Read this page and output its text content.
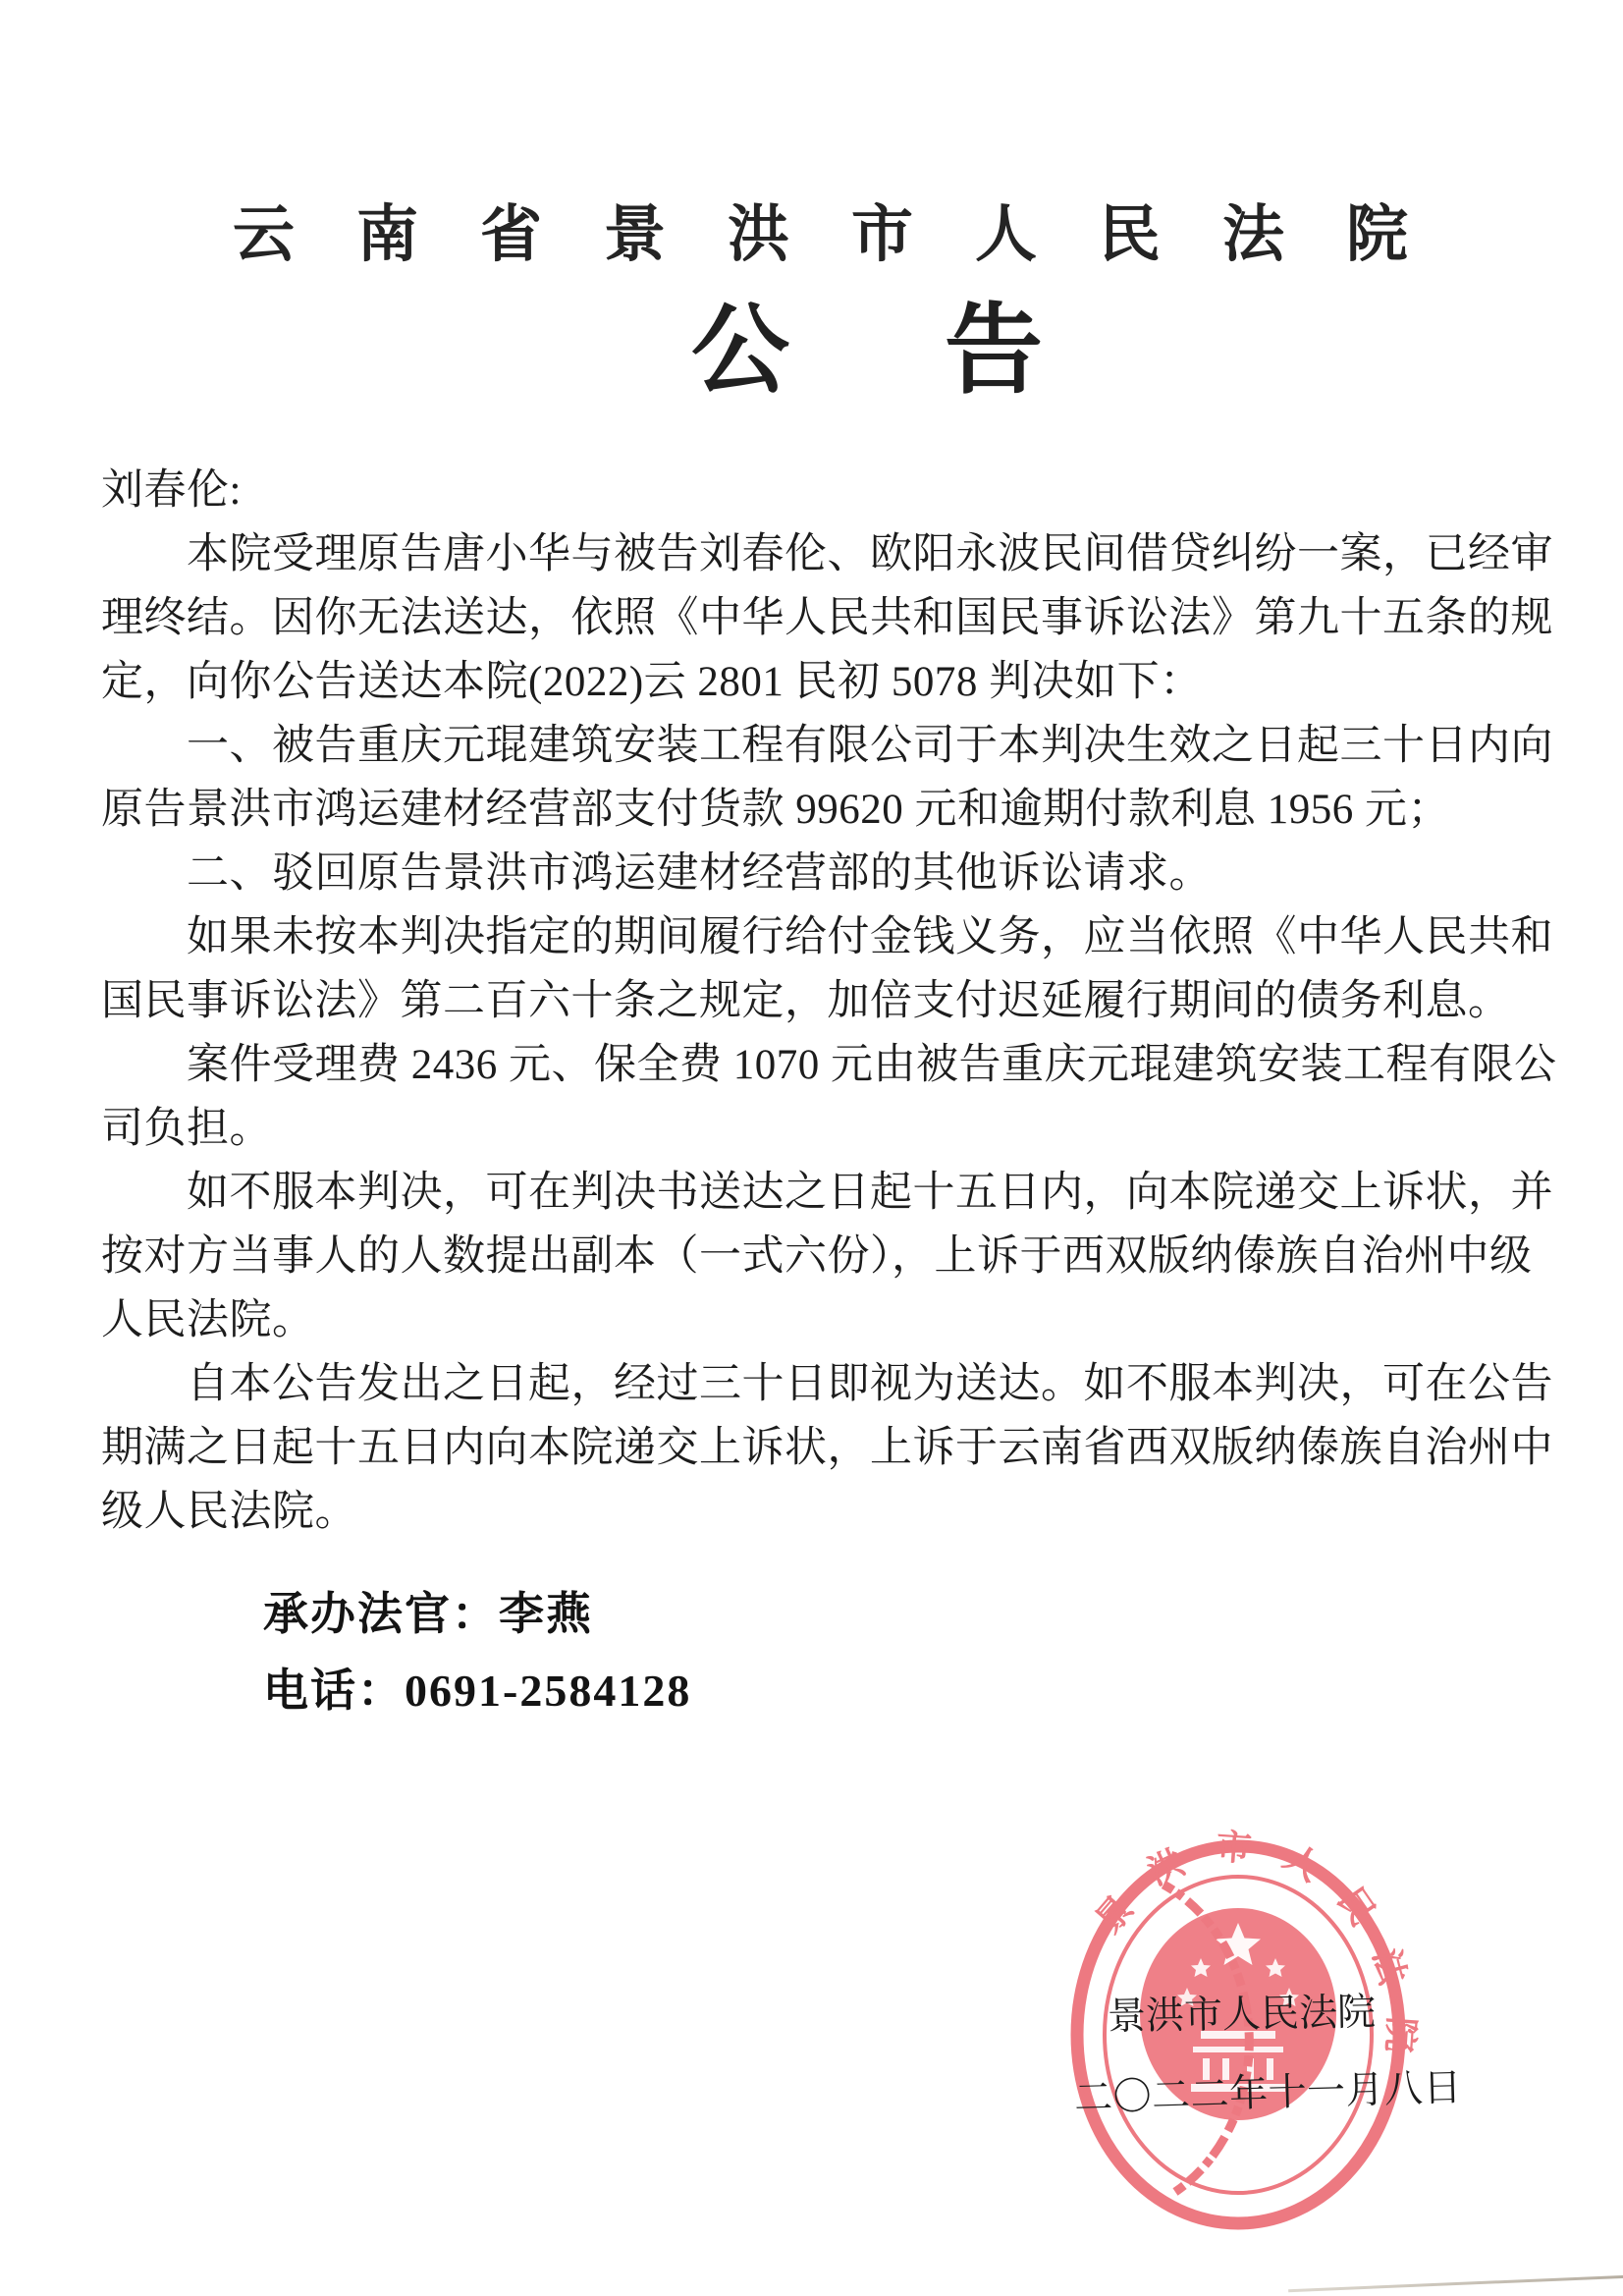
云南省景洪市人民法院
公告
刘春伦:
　　本院受理原告唐小华与被告刘春伦、欧阳永波民间借贷纠纷一案，已经审
理终结。因你无法送达，依照《中华人民共和国民事诉讼法》第九十五条的规
定，向你公告送达本院(2022)云 2801 民初 5078 判决如下：
　　一、被告重庆元琨建筑安装工程有限公司于本判决生效之日起三十日内向
原告景洪市鸿运建材经营部支付货款 99620 元和逾期付款利息 1956 元；
　　二、驳回原告景洪市鸿运建材经营部的其他诉讼请求。
　　如果未按本判决指定的期间履行给付金钱义务，应当依照《中华人民共和
国民事诉讼法》第二百六十条之规定，加倍支付迟延履行期间的债务利息。
　　案件受理费 2436 元、保全费 1070 元由被告重庆元琨建筑安装工程有限公
司负担。
　　如不服本判决，可在判决书送达之日起十五日内，向本院递交上诉状，并
按对方当事人的人数提出副本（一式六份），上诉于西双版纳傣族自治州中级
人民法院。
　　自本公告发出之日起，经过三十日即视为送达。如不服本判决，可在公告
期满之日起十五日内向本院递交上诉状，上诉于云南省西双版纳傣族自治州中
级人民法院。
承办法官：李燕
电话：0691-2584128
景洪市人民法院
景洪市人民法院
二〇二二年十一月八日
